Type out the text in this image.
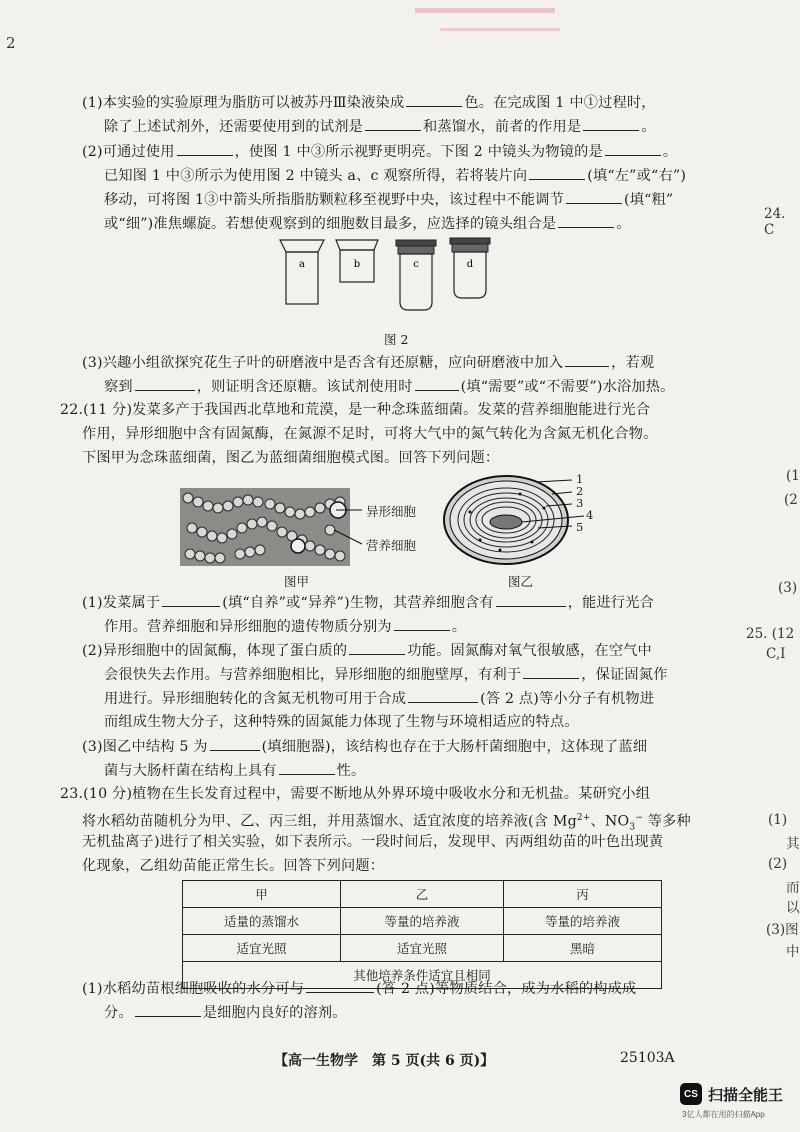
2
(1)本实验的实验原理为脂肪可以被苏丹Ⅲ染液染成	色。在完成图 1 中①过程时，
除了上述试剂外，还需要使用到的试剂是	和蒸馏水，前者的作用是	。
(2)可通过使用	，使图 1 中③所示视野更明亮。下图 2 中镜头为物镜的是	。
已知图 1 中③所示为使用图 2 中镜头 a、c 观察所得，若将装片向	(填“左”或“右”)
移动，可将图 1③中箭头所指脂肪颗粒移至视野中央，该过程中不能调节	(填“粗”
或“细”)准焦螺旋。若想使观察到的细胞数目最多，应选择的镜头组合是	。
a	b	c	d
图 2
(3)兴趣小组欲探究花生子叶的研磨液中是否含有还原糖，应向研磨液中加入	，若观
察到	，则证明含还原糖。该试剂使用时	(填“需要”或“不需要”)水浴加热。
22.(11 分)发菜多产于我国西北草地和荒漠，是一种念珠蓝细菌。发菜的营养细胞能进行光合
作用，异形细胞中含有固氮酶，在氮源不足时，可将大气中的氮气转化为含氮无机化合物。
下图甲为念珠蓝细菌，图乙为蓝细菌细胞模式图。回答下列问题：
异形细胞
营养细胞
图甲
1
2
3
4
5
图乙
(1)发菜属于	(填“自养”或“异养”)生物，其营养细胞含有	，能进行光合
作用。营养细胞和异形细胞的遗传物质分别为	。
(2)异形细胞中的固氮酶，体现了蛋白质的	功能。固氮酶对氧气很敏感，在空气中
会很快失去作用。与营养细胞相比，异形细胞的细胞壁厚，有利于	，保证固氮作
用进行。异形细胞转化的含氮无机物可用于合成	(答 2 点)等小分子有机物进
而组成生物大分子，这种特殊的固氮能力体现了生物与环境相适应的特点。
(3)图乙中结构 5 为	(填细胞器)，该结构也存在于大肠杆菌细胞中，这体现了蓝细
菌与大肠杆菌在结构上具有	性。
23.(10 分)植物在生长发育过程中，需要不断地从外界环境中吸收水分和无机盐。某研究小组
将水稻幼苗随机分为甲、乙、丙三组，并用蒸馏水、适宜浓度的培养液(含 $Mg^{2+}$、$NO_3^-$ 等多种
无机盐离子)进行了相关实验，如下表所示。一段时间后，发现甲、丙两组幼苗的叶色出现黄
化现象，乙组幼苗能正常生长。回答下列问题：
甲	乙	丙
适量的蒸馏水	等量的培养液	等量的培养液
适宜光照	适宜光照	黑暗
其他培养条件适宜且相同		
(1)水稻幼苗根细胞吸收的水分可与	(答 2 点)等物质结合，成为水稻的构成成
分。	是细胞内良好的溶剂。
【高一生物学　第 5 页(共 6 页)】	25103A
24. C
(1
(2
(3)
25. (12
C,I
(1)
其
(2)
而
以
(3)图
中
CS 扫描全能王
3亿人都在用的扫描App
